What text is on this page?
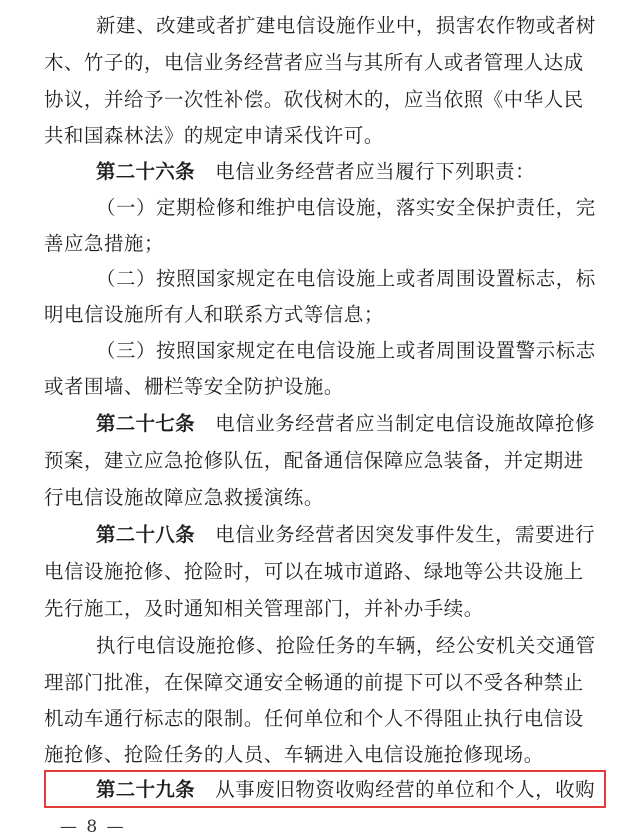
新建、改建或者扩建电信设施作业中，损害农作物或者树
木、竹子的，电信业务经营者应当与其所有人或者管理人达成
协议，并给予一次性补偿。砍伐树木的，应当依照《中华人民
共和国森林法》的规定申请采伐许可。
第二十六条 电信业务经营者应当履行下列职责：
（一）定期检修和维护电信设施，落实安全保护责任，完
善应急措施；
（二）按照国家规定在电信设施上或者周围设置标志，标
明电信设施所有人和联系方式等信息；
（三）按照国家规定在电信设施上或者周围设置警示标志
或者围墙、栅栏等安全防护设施。
第二十七条 电信业务经营者应当制定电信设施故障抢修
预案，建立应急抢修队伍，配备通信保障应急装备，并定期进
行电信设施故障应急救援演练。
第二十八条 电信业务经营者因突发事件发生，需要进行
电信设施抢修、抢险时，可以在城市道路、绿地等公共设施上
先行施工，及时通知相关管理部门，并补办手续。
执行电信设施抢修、抢险任务的车辆，经公安机关交通管
理部门批准，在保障交通安全畅通的前提下可以不受各种禁止
机动车通行标志的限制。任何单位和个人不得阻止执行电信设
施抢修、抢险任务的人员、车辆进入电信设施抢修现场。
第二十九条 从事废旧物资收购经营的单位和个人，收购
— 8 —
